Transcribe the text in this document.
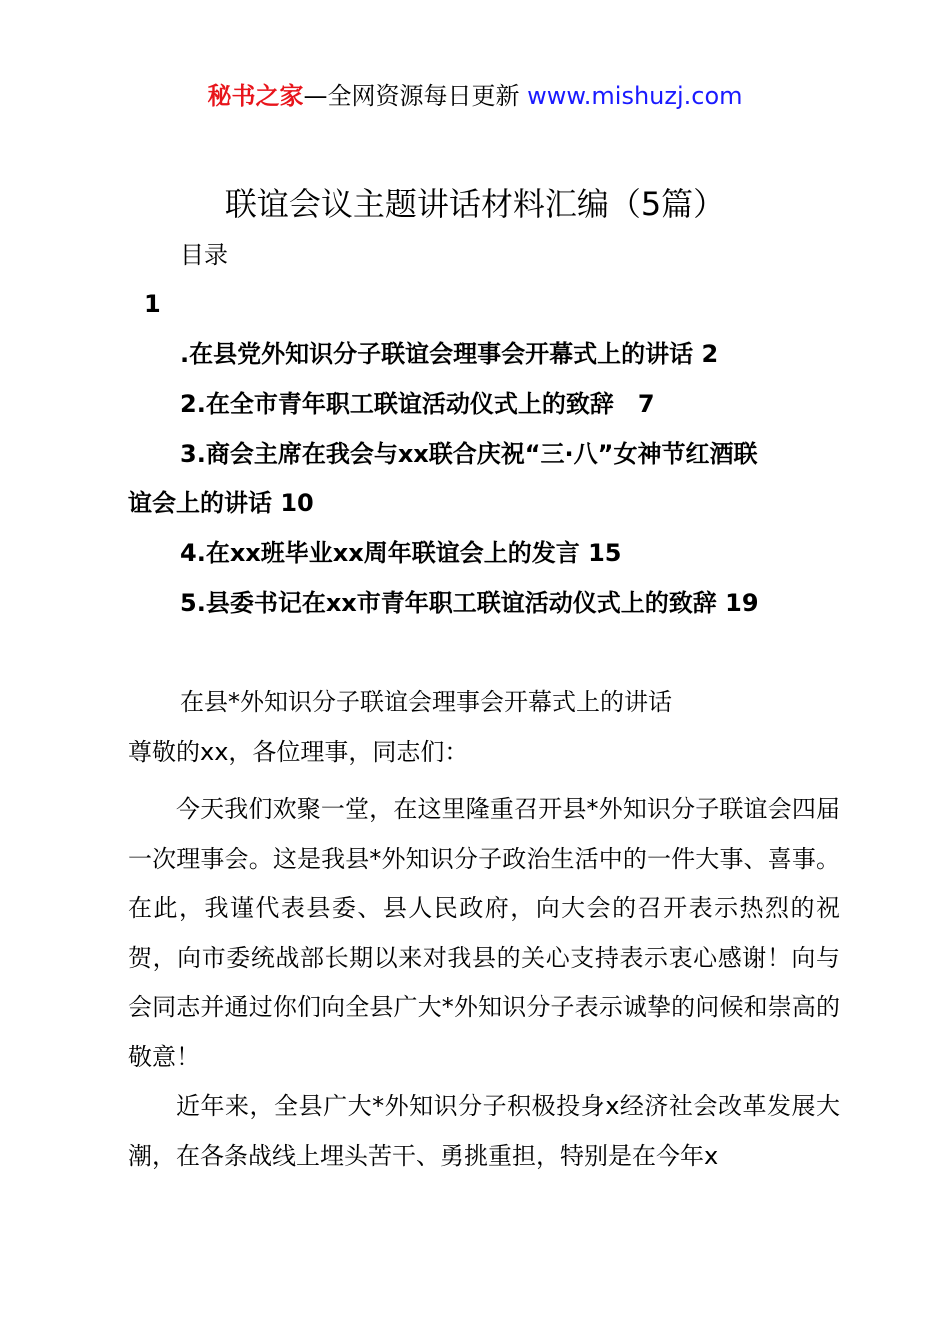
秘书之家—全网资源每日更新 www.mishuzj.com
联谊会议主题讲话材料汇编（5篇）
目录
1
.在县党外知识分子联谊会理事会开幕式上的讲话 2
2.在全市青年职工联谊活动仪式上的致辞　7
3.商会主席在我会与xx联合庆祝“三·八”女神节红酒联
谊会上的讲话 10
4.在xx班毕业xx周年联谊会上的发言 15
5.县委书记在xx市青年职工联谊活动仪式上的致辞 19
在县*外知识分子联谊会理事会开幕式上的讲话
尊敬的xx，各位理事，同志们：

今天我们欢聚一堂，在这里隆重召开县*外知识分子联谊会四届一次理事会。这是我县*外知识分子政治生活中的一件大事、喜事。在此，我谨代表县委、县人民政府，向大会的召开表示热烈的祝贺，向市委统战部长期以来对我县的关心支持表示衷心感谢！向与会同志并通过你们向全县广大*外知识分子表示诚挚的问候和崇高的敬意！

近年来，全县广大*外知识分子积极投身x经济社会改革发展大潮，在各条战线上埋头苦干、勇挑重担，特别是在今年x
